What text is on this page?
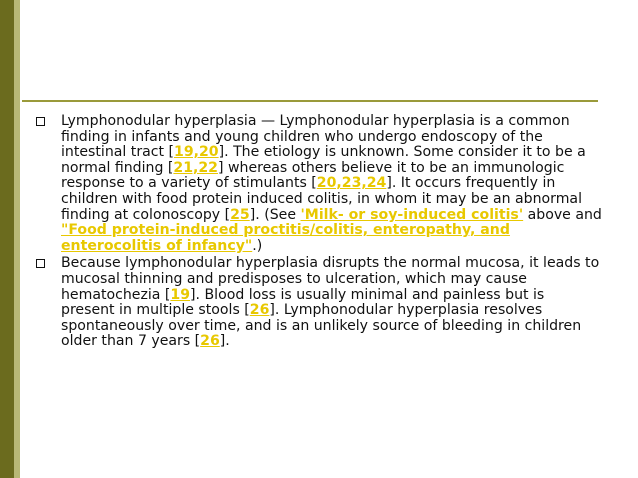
Lymphonodular hyperplasia — Lymphonodular hyperplasia is a common finding in infants and young children who undergo endoscopy of the intestinal tract [19,20]. The etiology is unknown. Some consider it to be a normal finding [21,22] whereas others believe it to be an immunologic response to a variety of stimulants [20,23,24]. It occurs frequently in children with food protein induced colitis, in whom it may be an abnormal finding at colonoscopy [25]. (See 'Milk- or soy-induced colitis' above and "Food protein-induced proctitis/colitis, enteropathy, and enterocolitis of infancy".)
Because lymphonodular hyperplasia disrupts the normal mucosa, it leads to mucosal thinning and predisposes to ulceration, which may cause hematochezia [19]. Blood loss is usually minimal and painless but is present in multiple stools [26]. Lymphonodular hyperplasia resolves spontaneously over time, and is an unlikely source of bleeding in children older than 7 years [26].
